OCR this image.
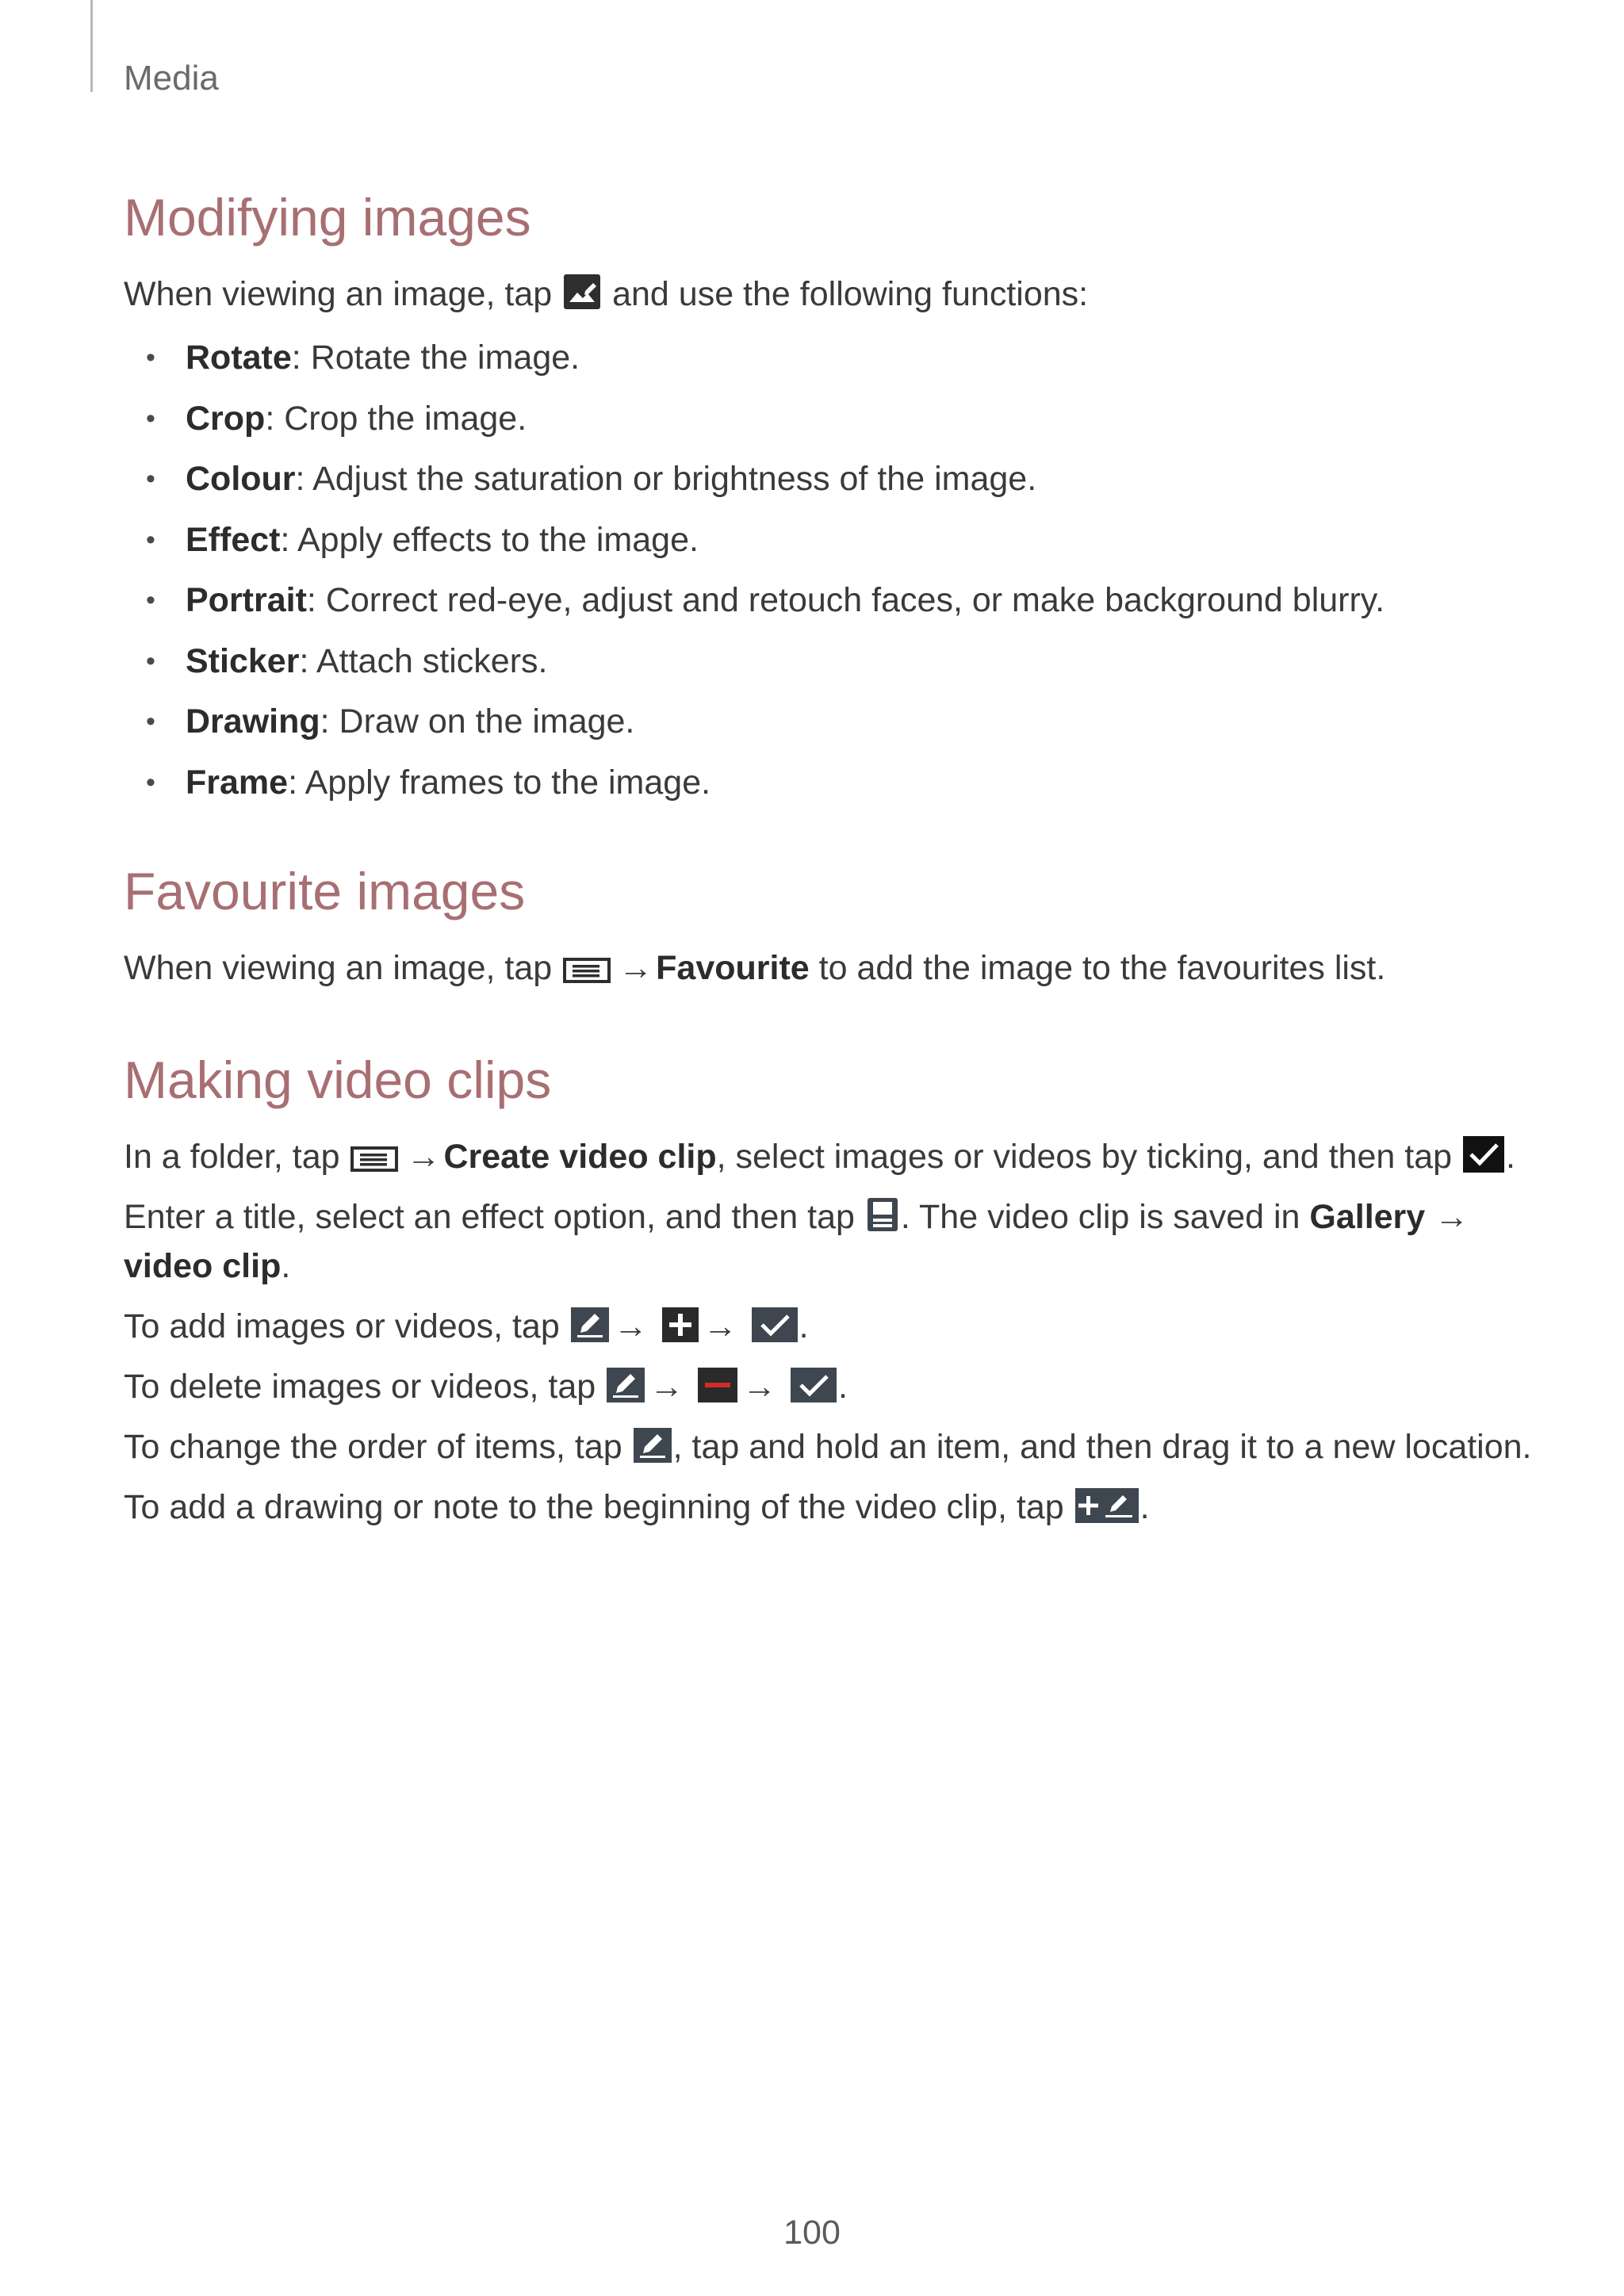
Media
Modifying images

When viewing an image, tap and use the following functions:

• Rotate: Rotate the image.
• Crop: Crop the image.
• Colour: Adjust the saturation or brightness of the image.
• Effect: Apply effects to the image.
• Portrait: Correct red-eye, adjust and retouch faces, or make background blurry.
• Sticker: Attach stickers.
• Drawing: Draw on the image.
• Frame: Apply frames to the image.
Favourite images

When viewing an image, tap →Favourite to add the image to the favourites list.

Making video clips

In a folder, tap →Create video clip, select images or videos by ticking, and then tap .

Enter a title, select an effect option, and then tap . The video clip is saved in Gallery →

video clip.

To add images or videos, tap → → .

To delete images or videos, tap → → .

To change the order of items, tap , tap and hold an item, and then drag it to a new location.

To add a drawing or note to the beginning of the video clip, tap .

100
